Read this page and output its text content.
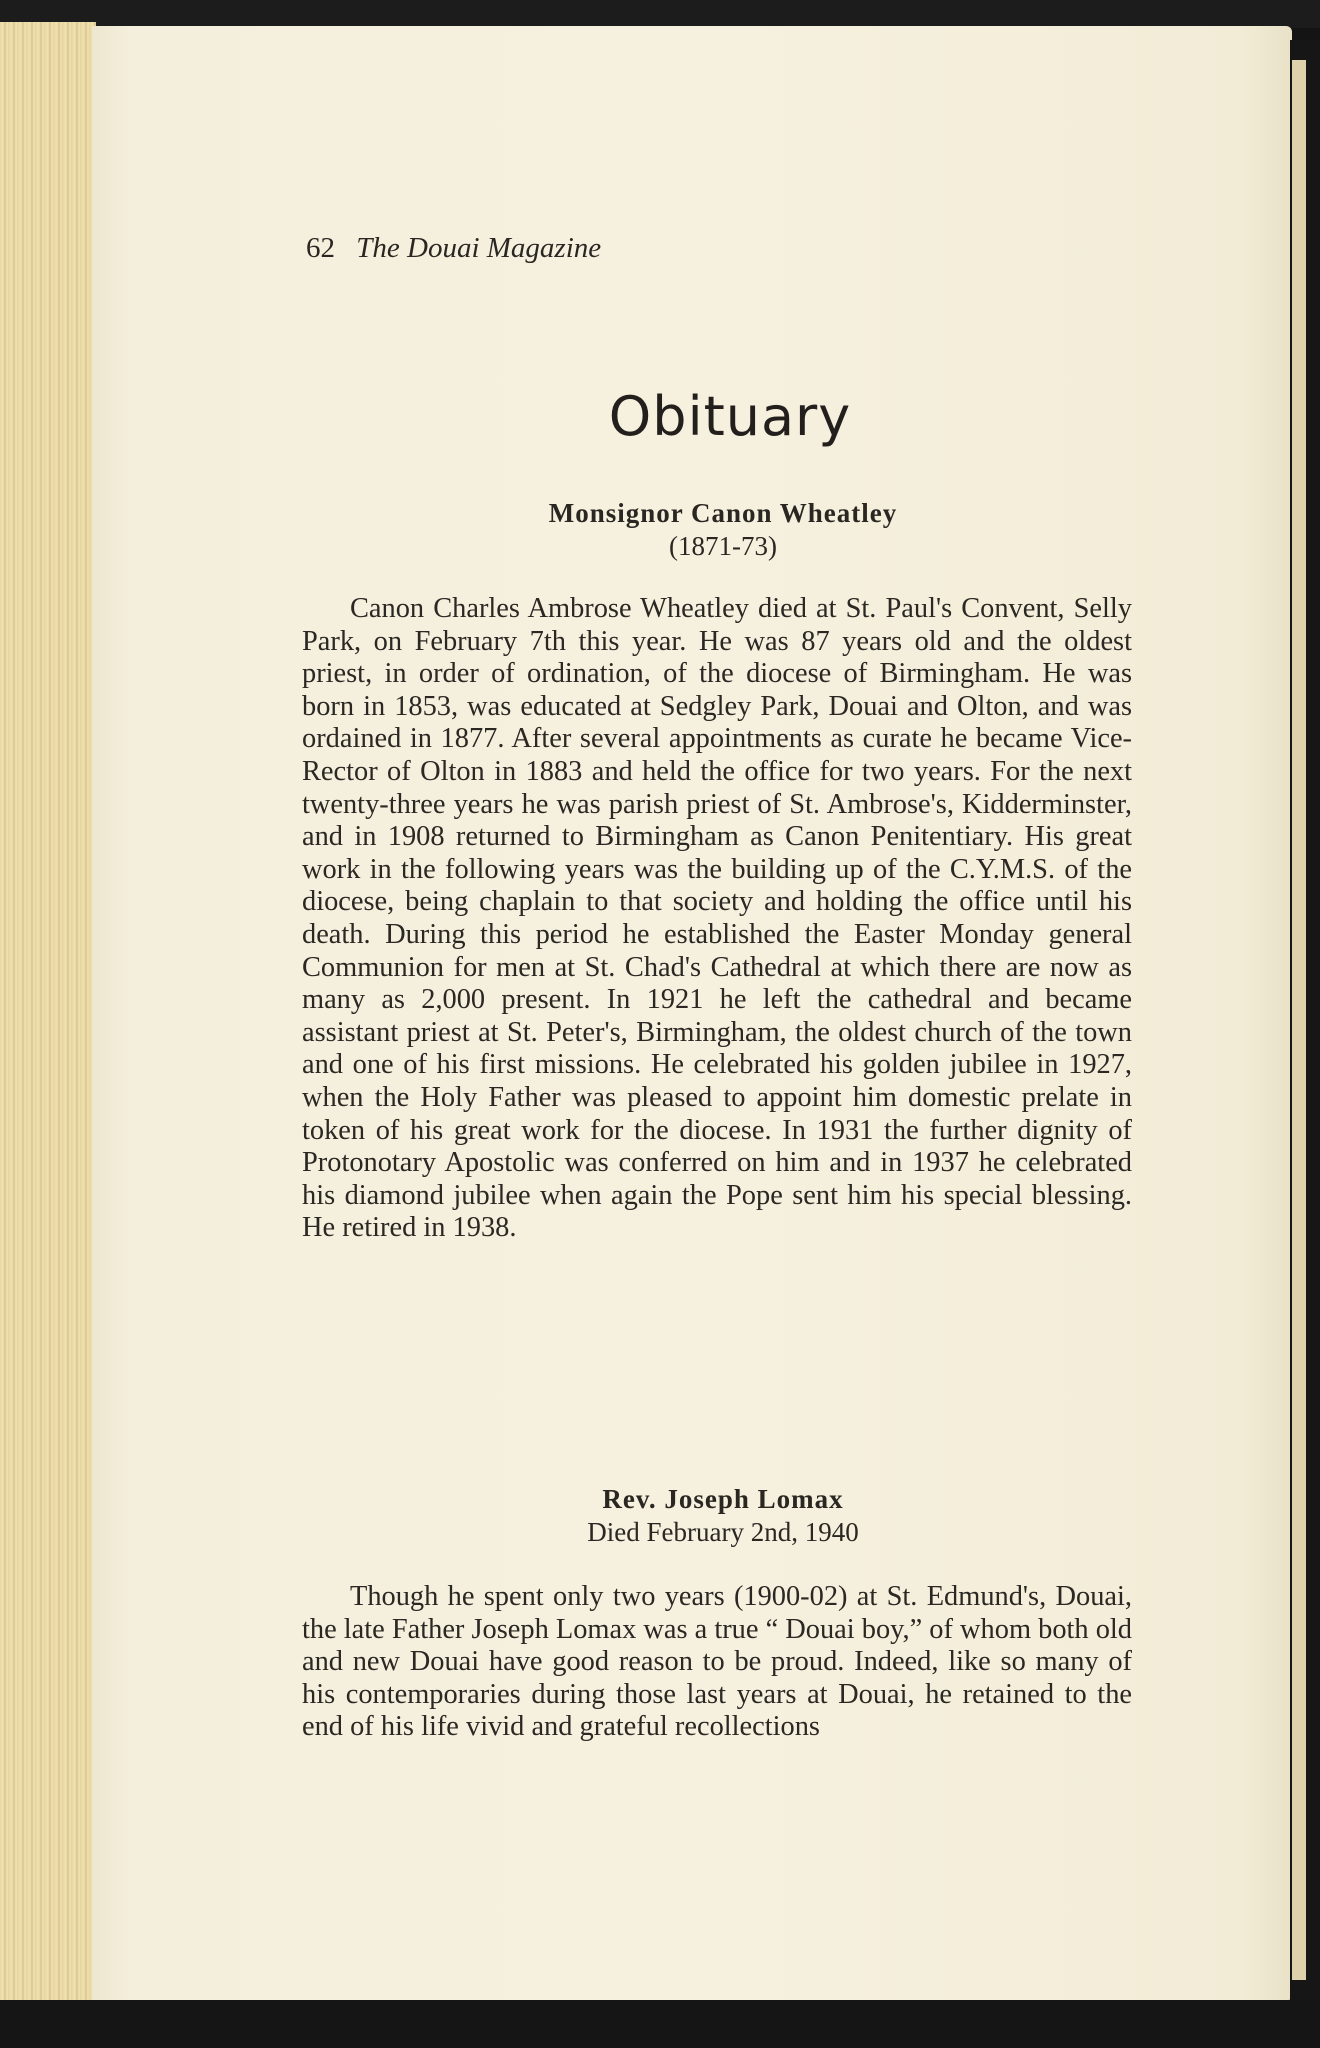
62 The Douai Magazine
Obituary
Monsignor Canon Wheatley
(1871-73)
Canon Charles Ambrose Wheatley died at St. Paul's Convent, Selly Park, on February 7th this year. He was 87 years old and the oldest priest, in order of ordination, of the diocese of Birmingham. He was born in 1853, was educated at Sedgley Park, Douai and Olton, and was ordained in 1877. After several appointments as curate he became Vice-Rector of Olton in 1883 and held the office for two years. For the next twenty-three years he was parish priest of St. Ambrose's, Kidderminster, and in 1908 returned to Birmingham as Canon Penitentiary. His great work in the following years was the building up of the C.Y.M.S. of the diocese, being chaplain to that society and holding the office until his death. During this period he established the Easter Monday general Communion for men at St. Chad's Cathedral at which there are now as many as 2,000 present. In 1921 he left the cathedral and became assistant priest at St. Peter's, Birmingham, the oldest church of the town and one of his first missions. He celebrated his golden jubilee in 1927, when the Holy Father was pleased to appoint him domestic prelate in token of his great work for the diocese. In 1931 the further dignity of Protonotary Apostolic was conferred on him and in 1937 he celebrated his diamond jubilee when again the Pope sent him his special blessing. He retired in 1938.
Rev. Joseph Lomax
Died February 2nd, 1940
Though he spent only two years (1900-02) at St. Edmund's, Douai, the late Father Joseph Lomax was a true “ Douai boy,” of whom both old and new Douai have good reason to be proud. Indeed, like so many of his contemporaries during those last years at Douai, he retained to the end of his life vivid and grateful recollections
